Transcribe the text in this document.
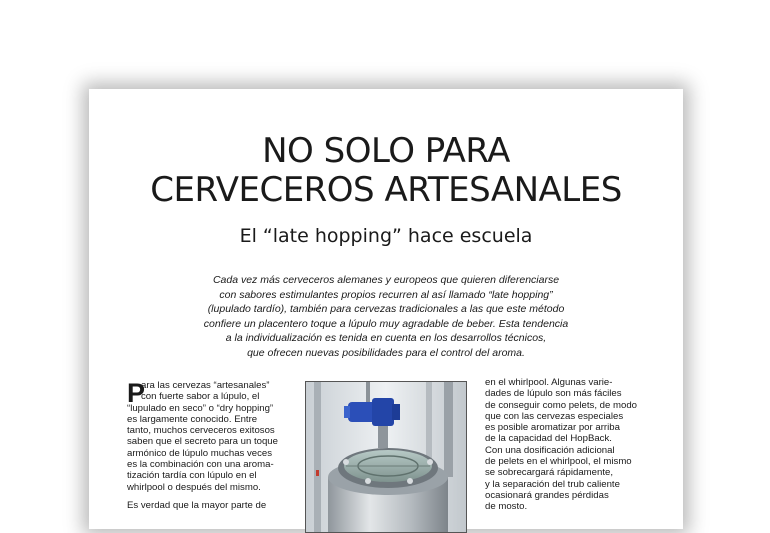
NO SOLO PARA
CERVECEROS ARTESANALES
El “late hopping” hace escuela
Cada vez más cerveceros alemanes y europeos que quieren diferenciarse
con sabores estimulantes propios recurren al así llamado “late hopping”
(lupulado tardío), también para cervezas tradicionales a las que este método
confiere un placentero toque a lúpulo muy agradable de beber. Esta tendencia
a la individualización es tenida en cuenta en los desarrollos técnicos,
que ofrecen nuevas posibilidades para el control del aroma.
P
ara las cervezas “artesanales”
con fuerte sabor a lúpulo, el
“lupulado en seco” o “dry hopping”
es largamente conocido. Entre
tanto, muchos cerveceros exitosos
saben que el secreto para un toque
armónico de lúpulo muchas veces
es la combinación con una aroma-
tización tardía con lúpulo en el
whirlpool o después del mismo.
Es verdad que la mayor parte de
en el whirlpool. Algunas varie-
dades de lúpulo son más fáciles
de conseguir como pelets, de modo
que con las cervezas especiales
es posible aromatizar por arriba
de la capacidad del HopBack.
Con una dosificación adicional
de pelets en el whirlpool, el mismo
se sobrecargará rápidamente,
y la separación del trub caliente
ocasionará grandes pérdidas
de mosto.
